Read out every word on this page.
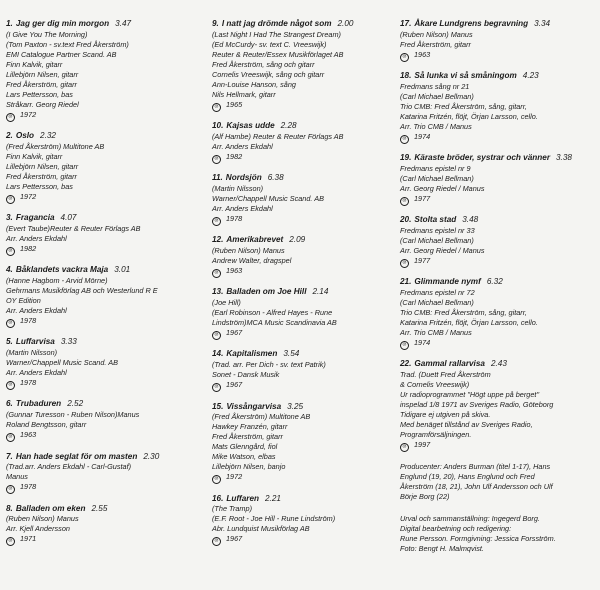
1. Jag ger dig min morgon 3.47
(I Give You The Morning)
(Tom Paxton - sv.text Fred Åkerström)
EMI Catalogue Partner Scand. AB
Finn Kalvik, gitarr
Lillebjörn Nilsen, gitarr
Fred Åkerström, gitarr
Lars Pettersson, bas
Stråkarr. Georg Riedel
℗ 1972
2. Oslo 2.32
(Fred Åkerström) Multitone AB
Finn Kalvik, gitarr
Lillebjörn Nilsen, gitarr
Fred Åkerström, gitarr
Lars Pettersson, bas
℗ 1972
3. Fragancia 4.07
(Evert Taube)Reuter & Reuter Förlags AB
Arr. Anders Ekdahl
℗ 1982
4. Båklandets vackra Maja 3.01
(Hanne Hagbom - Arvid Mörne)
Gehrmans Musikförlag AB och Westerlund R E
OY Edition
Arr. Anders Ekdahl
℗ 1978
5. Luffarvisa 3.33
(Martin Nilsson)
Warner/Chappell Music Scand. AB
Arr. Anders Ekdahl
℗ 1978
6. Trubaduren 2.52
(Gunnar Turesson - Ruben Nilson)Manus
Roland Bengtsson, gitarr
℗ 1963
7. Han hade seglat för om masten 2.30
(Trad.arr. Anders Ekdahl - Carl-Gustaf)
Manus
℗ 1978
8. Balladen om eken 2.55
(Ruben Nilson) Manus
Arr. Kjell Andersson
℗ 1971
9. I natt jag drömde något som 2.00
(Last Night I Had The Strangest Dream)
(Ed McCurdy- sv. text C. Vreeswijk)
Reuter & Reuter/Essex Musikförlaget AB
Fred Åkerström, sång och gitarr
Cornelis Vreeswijk, sång och gitarr
Ann-Louise Hanson, sång
Nils Hellmark, gitarr
℗ 1965
10. Kajsas udde 2.28
(Alf Hambe) Reuter & Reuter Förlags AB
Arr. Anders Ekdahl
℗ 1982
11. Nordsjön 6.38
(Martin Nilsson)
Warner/Chappell Music Scand. AB
Arr. Anders Ekdahl
℗ 1978
12. Amerikabrevet 2.09
(Ruben Nilson) Manus
Andrew Walter, dragspel
℗ 1963
13. Balladen om Joe Hill 2.14
(Joe Hill)
(Earl Robinson - Alfred Hayes - Rune
Lindström)MCA Music Scandinavia AB
℗ 1967
14. Kapitalismen 3.54
(Trad. arr. Per Dich - sv. text Patrik)
Sonet - Dansk Musik
℗ 1967
15. Vissångarvisa 3.25
(Fred Åkerström) Multitone AB
Hawkey Franzén, gitarr
Fred Åkerström, gitarr
Mats Glenngård, fiol
Mike Watson, elbas
Lillebjörn Nilsen, banjo
℗ 1972
16. Luffaren 2.21
(The Tramp)
(E.F. Root - Joe Hill - Rune Lindström)
Abr. Lundquist Musikförlag AB
℗ 1967
17. Åkare Lundgrens begravning 3.34
(Ruben Nilson) Manus
Fred Åkerström, gitarr
℗ 1963
18. Så lunka vi så småningom 4.23
Fredmans sång nr 21
(Carl Michael Bellman)
Trio CMB: Fred Åkerström, sång, gitarr,
Katarina Fritzén, flöjt, Örjan Larsson, cello.
Arr. Trio CMB / Manus
℗ 1974
19. Käraste bröder, systrar och vänner 3.38
Fredmans epistel nr 9
(Carl Michael Bellman)
Arr. Georg Riedel / Manus
℗ 1977
20. Stolta stad 3.48
Fredmans epistel nr 33
(Carl Michael Bellman)
Arr. Georg Riedel / Manus
℗ 1977
21. Glimmande nymf 6.32
Fredmans epistel nr 72
(Carl Michael Bellman)
Trio CMB: Fred Åkerström, sång, gitarr,
Katarina Fritzén, flöjt, Örjan Larsson, cello.
Arr. Trio CMB / Manus
℗ 1974
22. Gammal rallarvisa 2.43
Trad. (Duett Fred Åkerström
& Cornelis Vreeswijk)
Ur radioprogrammet "Högt uppe på berget"
inspelad 1/8 1971 av Sveriges Radio, Göteborg
Tidigare ej utgiven på skiva.
Med benäget tillstånd av Sveriges Radio,
Programförsäljningen.
℗ 1997
Producenter: Anders Burman (titel 1-17), Hans
Englund (19, 20), Hans Englund och Fred
Åkerström (18, 21), John Ulf Andersson och Ulf
Börje Borg (22)
Urval och sammanställning: Ingegerd Borg.
Digital bearbetning och redigering:
Rune Persson. Formgivning: Jessica Forsström.
Foto: Bengt H. Malmqvist.
